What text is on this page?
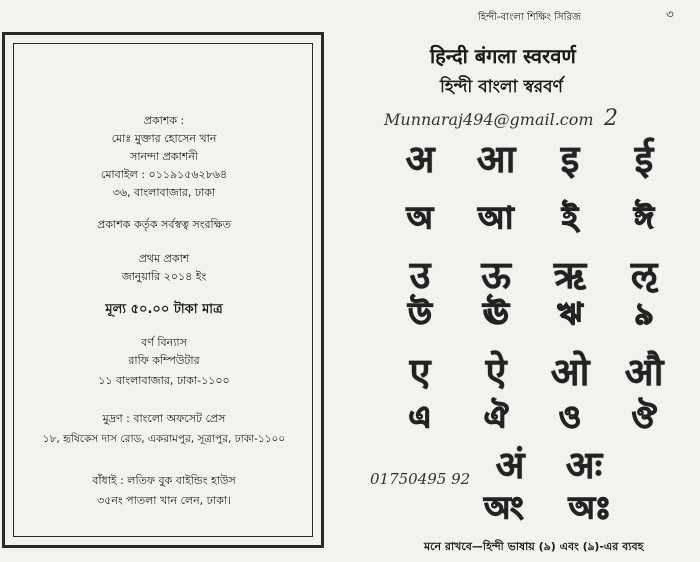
প্রকাশক :
মোঃ মুক্তার হোসেন খান
সানন্দা প্রকাশনী
মোবাইল : ০১১৯১৫৬২৮৬৪
৩৬, বাংলাবাজার, ঢাকা
প্রকাশক কর্তৃক সর্বস্বত্ব সংরক্ষিত
প্রথম প্রকাশ
জানুয়ারি ২০১৪ ইং
মূল্য ৫০.০০ টাকা মাত্র
বর্ণ বিন্যাস
রাফি কম্পিউটার
১১ বাংলাবাজার, ঢাকা-১১০০
মুদ্রণ : বাংলো অফসেট প্রেস
১৮, হৃষিকেস দাস রোড, একরামপুর, সূত্রাপুর, ঢাকা-১১০০
বাঁধাই : লতিফ বুক বাইন্ডিং হাউস
৩৫নং পাতলা খান লেন, ঢাকা।
হিন্দী-বাংলা শিক্ষিং সিরিজ	৩
हिन्दी बंगला स्वरवर्ण
হিন্দী বাংলা স্বরবর্ণ
Munnaraj494@gmail.com 2
01750495 92
अ	आ	इ	ई
অ	আ	ই	ঈ
उ	ऊ	ऋ	ऌ
উ	ঊ	ঋ	৯
ए	ऐ	ओ औ
এ	ঐ	ও	ঔ
अं	अः
অং	অঃ
মনে রাখবে—হিন্দী ভাষায় (৯) এবং (ঌ)-এর ব্যবহ
